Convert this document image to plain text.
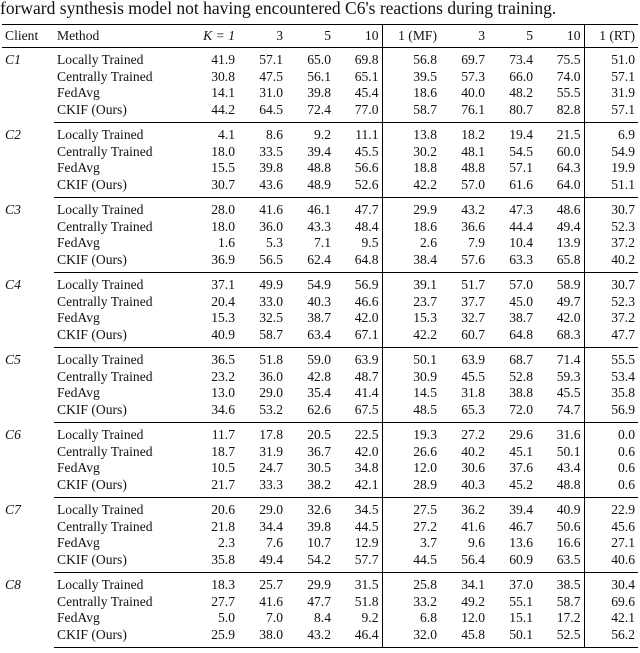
forward synthesis model not having encountered C6's reactions during training.
Client	Method	K = 1	3	5	10	1 (MF)	3	5	10	1 (RT)
C1	Locally Trained	41.9	57.1	65.0	69.8	56.8	69.7	73.4	75.5	51.0
	Centrally Trained	30.8	47.5	56.1	65.1	39.5	57.3	66.0	74.0	57.1
	FedAvg	14.1	31.0	39.8	45.4	18.6	40.0	48.2	55.5	31.9
	CKIF (Ours)	44.2	64.5	72.4	77.0	58.7	76.1	80.7	82.8	57.1
C2	Locally Trained	4.1	8.6	9.2	11.1	13.8	18.2	19.4	21.5	6.9
	Centrally Trained	18.0	33.5	39.4	45.5	30.2	48.1	54.5	60.0	54.9
	FedAvg	15.5	39.8	48.8	56.6	18.8	48.8	57.1	64.3	19.9
	CKIF (Ours)	30.7	43.6	48.9	52.6	42.2	57.0	61.6	64.0	51.1
C3	Locally Trained	28.0	41.6	46.1	47.7	29.9	43.2	47.3	48.6	30.7
	Centrally Trained	18.0	36.0	43.3	48.4	18.6	36.6	44.4	49.4	52.3
	FedAvg	1.6	5.3	7.1	9.5	2.6	7.9	10.4	13.9	37.2
	CKIF (Ours)	36.9	56.5	62.4	64.8	38.4	57.6	63.3	65.8	40.2
C4	Locally Trained	37.1	49.9	54.9	56.9	39.1	51.7	57.0	58.9	30.7
	Centrally Trained	20.4	33.0	40.3	46.6	23.7	37.7	45.0	49.7	52.3
	FedAvg	15.3	32.5	38.7	42.0	15.3	32.7	38.7	42.0	37.2
	CKIF (Ours)	40.9	58.7	63.4	67.1	42.2	60.7	64.8	68.3	47.7
C5	Locally Trained	36.5	51.8	59.0	63.9	50.1	63.9	68.7	71.4	55.5
	Centrally Trained	23.2	36.0	42.8	48.7	30.9	45.5	52.8	59.3	53.4
	FedAvg	13.0	29.0	35.4	41.4	14.5	31.8	38.8	45.5	35.8
	CKIF (Ours)	34.6	53.2	62.6	67.5	48.5	65.3	72.0	74.7	56.9
C6	Locally Trained	11.7	17.8	20.5	22.5	19.3	27.2	29.6	31.6	0.0
	Centrally Trained	18.7	31.9	36.7	42.0	26.6	40.2	45.1	50.1	0.6
	FedAvg	10.5	24.7	30.5	34.8	12.0	30.6	37.6	43.4	0.6
	CKIF (Ours)	21.7	33.3	38.2	42.1	28.9	40.3	45.2	48.8	0.6
C7	Locally Trained	20.6	29.0	32.6	34.5	27.5	36.2	39.4	40.9	22.9
	Centrally Trained	21.8	34.4	39.8	44.5	27.2	41.6	46.7	50.6	45.6
	FedAvg	2.3	7.6	10.7	12.9	3.7	9.6	13.6	16.6	27.1
	CKIF (Ours)	35.8	49.4	54.2	57.7	44.5	56.4	60.9	63.5	40.6
C8	Locally Trained	18.3	25.7	29.9	31.5	25.8	34.1	37.0	38.5	30.4
	Centrally Trained	27.7	41.6	47.7	51.8	33.2	49.2	55.1	58.7	69.6
	FedAvg	5.0	7.0	8.4	9.2	6.8	12.0	15.1	17.2	42.1
	CKIF (Ours)	25.9	38.0	43.2	46.4	32.0	45.8	50.1	52.5	56.2
